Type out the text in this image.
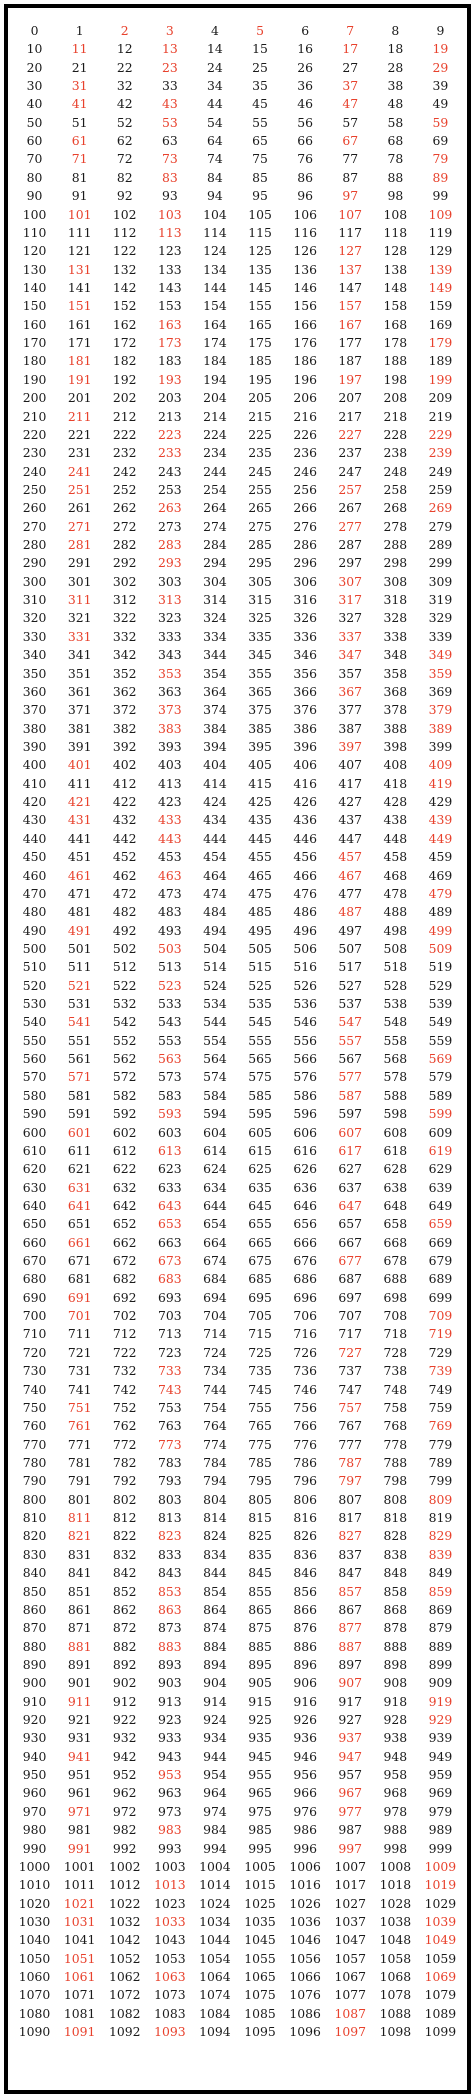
0	1	2	3	4	5	6	7	8	9
10	11	12	13	14	15	16	17	18	19
20	21	22	23	24	25	26	27	28	29
30	31	32	33	34	35	36	37	38	39
40	41	42	43	44	45	46	47	48	49
50	51	52	53	54	55	56	57	58	59
60	61	62	63	64	65	66	67	68	69
70	71	72	73	74	75	76	77	78	79
80	81	82	83	84	85	86	87	88	89
90	91	92	93	94	95	96	97	98	99
100	101	102	103	104	105	106	107	108	109
110	111	112	113	114	115	116	117	118	119
120	121	122	123	124	125	126	127	128	129
130	131	132	133	134	135	136	137	138	139
140	141	142	143	144	145	146	147	148	149
150	151	152	153	154	155	156	157	158	159
160	161	162	163	164	165	166	167	168	169
170	171	172	173	174	175	176	177	178	179
180	181	182	183	184	185	186	187	188	189
190	191	192	193	194	195	196	197	198	199
200	201	202	203	204	205	206	207	208	209
210	211	212	213	214	215	216	217	218	219
220	221	222	223	224	225	226	227	228	229
230	231	232	233	234	235	236	237	238	239
240	241	242	243	244	245	246	247	248	249
250	251	252	253	254	255	256	257	258	259
260	261	262	263	264	265	266	267	268	269
270	271	272	273	274	275	276	277	278	279
280	281	282	283	284	285	286	287	288	289
290	291	292	293	294	295	296	297	298	299
300	301	302	303	304	305	306	307	308	309
310	311	312	313	314	315	316	317	318	319
320	321	322	323	324	325	326	327	328	329
330	331	332	333	334	335	336	337	338	339
340	341	342	343	344	345	346	347	348	349
350	351	352	353	354	355	356	357	358	359
360	361	362	363	364	365	366	367	368	369
370	371	372	373	374	375	376	377	378	379
380	381	382	383	384	385	386	387	388	389
390	391	392	393	394	395	396	397	398	399
400	401	402	403	404	405	406	407	408	409
410	411	412	413	414	415	416	417	418	419
420	421	422	423	424	425	426	427	428	429
430	431	432	433	434	435	436	437	438	439
440	441	442	443	444	445	446	447	448	449
450	451	452	453	454	455	456	457	458	459
460	461	462	463	464	465	466	467	468	469
470	471	472	473	474	475	476	477	478	479
480	481	482	483	484	485	486	487	488	489
490	491	492	493	494	495	496	497	498	499
500	501	502	503	504	505	506	507	508	509
510	511	512	513	514	515	516	517	518	519
520	521	522	523	524	525	526	527	528	529
530	531	532	533	534	535	536	537	538	539
540	541	542	543	544	545	546	547	548	549
550	551	552	553	554	555	556	557	558	559
560	561	562	563	564	565	566	567	568	569
570	571	572	573	574	575	576	577	578	579
580	581	582	583	584	585	586	587	588	589
590	591	592	593	594	595	596	597	598	599
600	601	602	603	604	605	606	607	608	609
610	611	612	613	614	615	616	617	618	619
620	621	622	623	624	625	626	627	628	629
630	631	632	633	634	635	636	637	638	639
640	641	642	643	644	645	646	647	648	649
650	651	652	653	654	655	656	657	658	659
660	661	662	663	664	665	666	667	668	669
670	671	672	673	674	675	676	677	678	679
680	681	682	683	684	685	686	687	688	689
690	691	692	693	694	695	696	697	698	699
700	701	702	703	704	705	706	707	708	709
710	711	712	713	714	715	716	717	718	719
720	721	722	723	724	725	726	727	728	729
730	731	732	733	734	735	736	737	738	739
740	741	742	743	744	745	746	747	748	749
750	751	752	753	754	755	756	757	758	759
760	761	762	763	764	765	766	767	768	769
770	771	772	773	774	775	776	777	778	779
780	781	782	783	784	785	786	787	788	789
790	791	792	793	794	795	796	797	798	799
800	801	802	803	804	805	806	807	808	809
810	811	812	813	814	815	816	817	818	819
820	821	822	823	824	825	826	827	828	829
830	831	832	833	834	835	836	837	838	839
840	841	842	843	844	845	846	847	848	849
850	851	852	853	854	855	856	857	858	859
860	861	862	863	864	865	866	867	868	869
870	871	872	873	874	875	876	877	878	879
880	881	882	883	884	885	886	887	888	889
890	891	892	893	894	895	896	897	898	899
900	901	902	903	904	905	906	907	908	909
910	911	912	913	914	915	916	917	918	919
920	921	922	923	924	925	926	927	928	929
930	931	932	933	934	935	936	937	938	939
940	941	942	943	944	945	946	947	948	949
950	951	952	953	954	955	956	957	958	959
960	961	962	963	964	965	966	967	968	969
970	971	972	973	974	975	976	977	978	979
980	981	982	983	984	985	986	987	988	989
990	991	992	993	994	995	996	997	998	999
1000	1001	1002	1003	1004	1005	1006	1007	1008	1009
1010	1011	1012	1013	1014	1015	1016	1017	1018	1019
1020	1021	1022	1023	1024	1025	1026	1027	1028	1029
1030	1031	1032	1033	1034	1035	1036	1037	1038	1039
1040	1041	1042	1043	1044	1045	1046	1047	1048	1049
1050	1051	1052	1053	1054	1055	1056	1057	1058	1059
1060	1061	1062	1063	1064	1065	1066	1067	1068	1069
1070	1071	1072	1073	1074	1075	1076	1077	1078	1079
1080	1081	1082	1083	1084	1085	1086	1087	1088	1089
1090	1091	1092	1093	1094	1095	1096	1097	1098	1099
